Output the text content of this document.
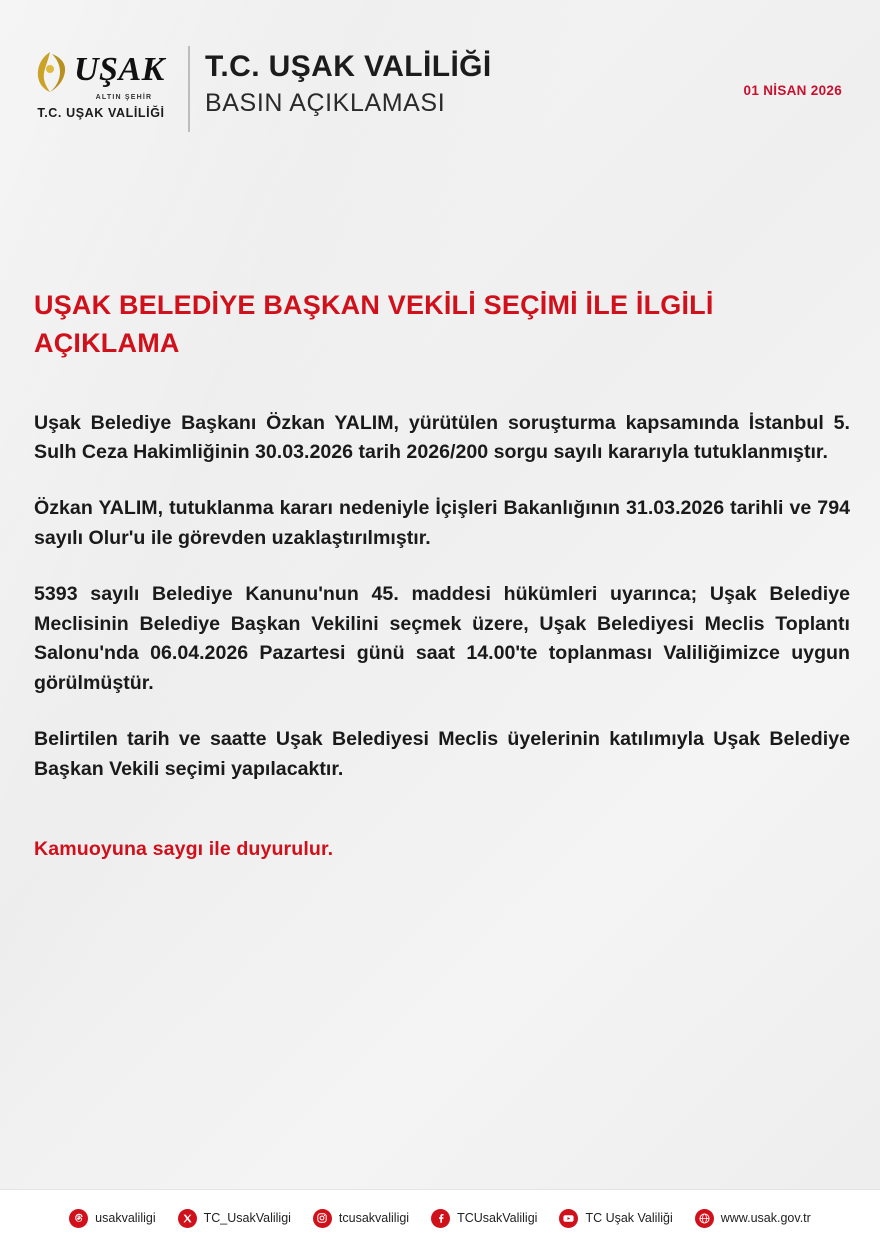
UŞAK
ALTIN ŞEHİR
T.C. UŞAK VALİLİĞİ
T.C. UŞAK VALİLİĞİ
BASIN AÇIKLAMASI	01 NİSAN 2026
UŞAK BELEDİYE BAŞKAN VEKİLİ SEÇİMİ İLE İLGİLİ AÇIKLAMA

Uşak Belediye Başkanı Özkan YALIM, yürütülen soruşturma kapsamında İstanbul 5. Sulh Ceza Hakimliğinin 30.03.2026 tarih 2026/200 sorgu sayılı kararıyla tutuklanmıştır.

Özkan YALIM, tutuklanma kararı nedeniyle İçişleri Bakanlığının 31.03.2026 tarihli ve 794 sayılı Olur'u ile görevden uzaklaştırılmıştır.

5393 sayılı Belediye Kanunu'nun 45. maddesi hükümleri uyarınca; Uşak Belediye Meclisinin Belediye Başkan Vekilini seçmek üzere, Uşak Belediyesi Meclis Toplantı Salonu'nda 06.04.2026 Pazartesi günü saat 14.00'te toplanması Valiliğimizce uygun görülmüştür.

Belirtilen tarih ve saatte Uşak Belediyesi Meclis üyelerinin katılımıyla Uşak Belediye Başkan Vekili seçimi yapılacaktır.

Kamuoyuna saygı ile duyurulur.
usakvaliligi	TC_UsakValiligi	tcusakvaliligi	TCUsakValiligi	TC Uşak Valiliği	www.usak.gov.tr
